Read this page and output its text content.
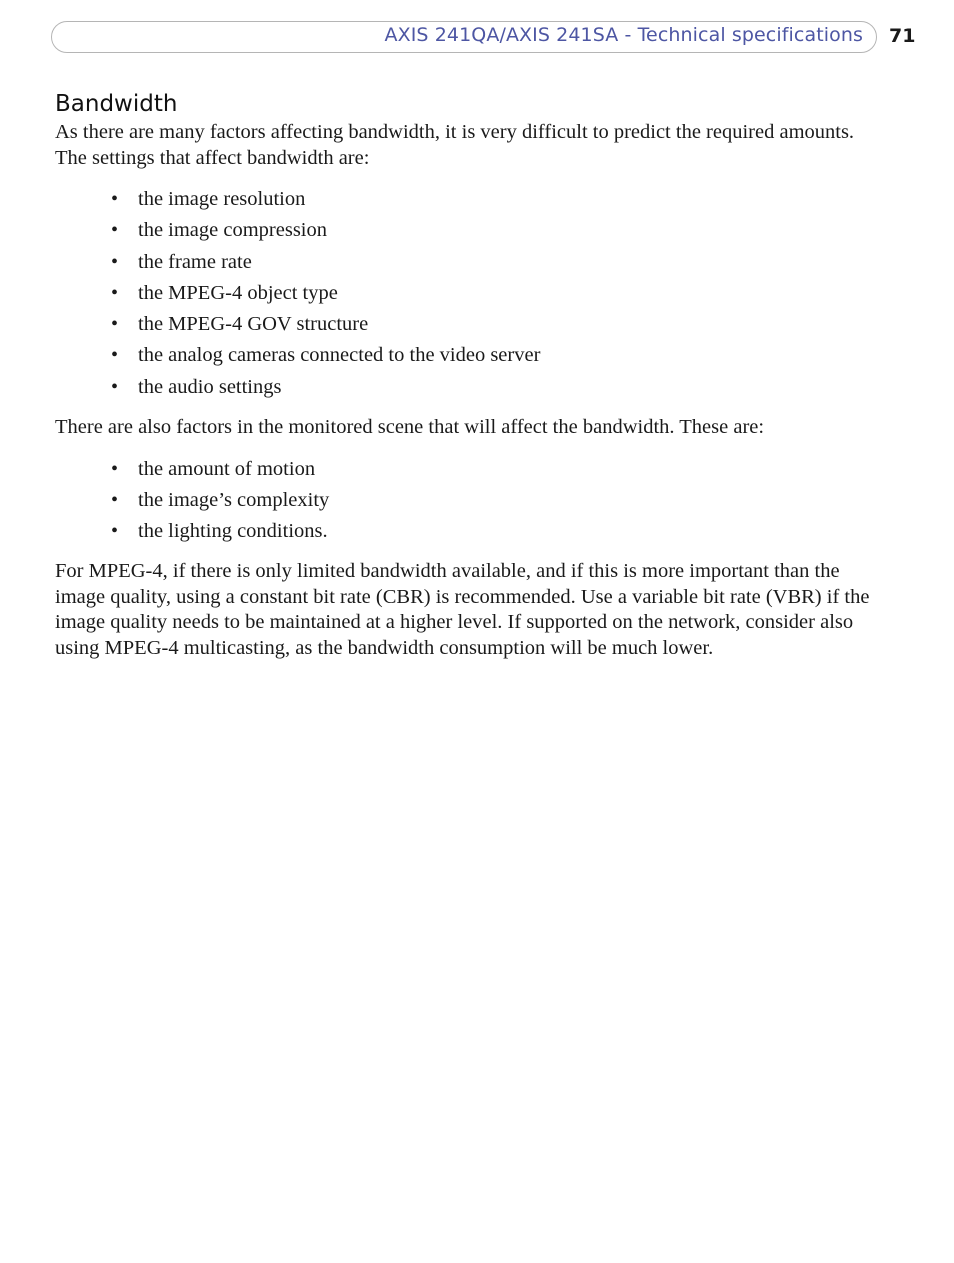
AXIS 241QA/AXIS 241SA - Technical specifications 71
Bandwidth

As there are many factors affecting bandwidth, it is very difficult to predict the required amounts. The settings that affect bandwidth are:

• the image resolution
• the image compression
• the frame rate
• the MPEG-4 object type
• the MPEG-4 GOV structure
• the analog cameras connected to the video server
• the audio settings

There are also factors in the monitored scene that will affect the bandwidth. These are:

• the amount of motion
• the image’s complexity
• the lighting conditions.

For MPEG-4, if there is only limited bandwidth available, and if this is more important than the image quality, using a constant bit rate (CBR) is recommended. Use a variable bit rate (VBR) if the image quality needs to be maintained at a higher level. If supported on the network, consider also using MPEG-4 multicasting, as the bandwidth consumption will be much lower.
